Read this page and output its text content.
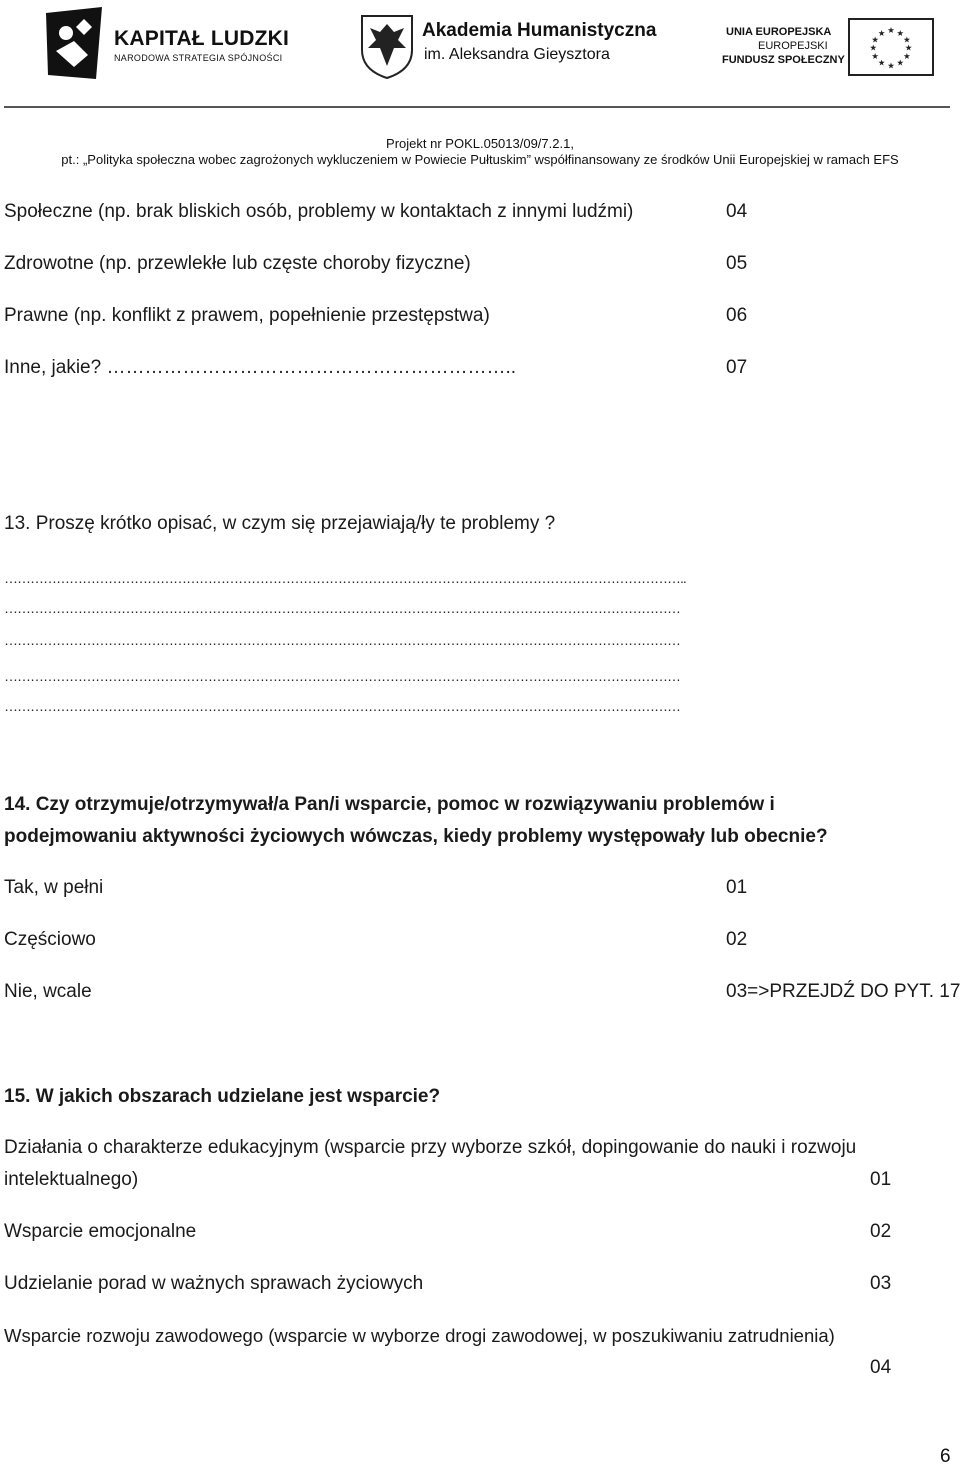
KAPITAŁ LUDZKI
NARODOWA STRATEGIA SPÓJNOŚCI
Akademia Humanistyczna
im. Aleksandra Gieysztora
UNIA EUROPEJSKA
EUROPEJSKI
FUNDUSZ SPOŁECZNY
★ ★
★
★
★
★
★
★
★
★
★
★
Projekt nr POKL.05013/09/7.2.1,
pt.: „Polityka społeczna wobec zagrożonych wykluczeniem w Powiecie Pułtuskim” współfinansowany ze środków Unii Europejskiej w ramach EFS
Społeczne (np. brak bliskich osób, problemy w kontaktach z innymi ludźmi)	04
Zdrowotne (np. przewlekłe lub częste choroby fizyczne)	05
Prawne (np. konflikt z prawem, popełnienie przestępstwa)	06
Inne, jakie? ………………………………………………………..	07
13. Proszę krótko opisać, w czym się przejawiają/ły te problemy ?
…………………………………………………………………………………………………………………………………………..
…………………………………………………………………………………………………………………………………………
…………………………………………………………………………………………………………………………………………
…………………………………………………………………………………………………………………………………………
…………………………………………………………………………………………………………………………………………
14. Czy otrzymuje/otrzymywał/a Pan/i wsparcie, pomoc w rozwiązywaniu problemów i
podejmowaniu aktywności życiowych wówczas, kiedy problemy występowały lub obecnie?
Tak, w pełni	01
Częściowo	02
Nie, wcale	03=>PRZEJDŹ DO PYT. 17
15. W jakich obszarach udzielane jest wsparcie?
Działania o charakterze edukacyjnym (wsparcie przy wyborze szkół, dopingowanie do nauki i rozwoju
intelektualnego)	01
Wsparcie emocjonalne	02
Udzielanie porad w ważnych sprawach życiowych	03
Wsparcie rozwoju zawodowego (wsparcie w wyborze drogi zawodowej, w poszukiwaniu zatrudnienia)
04
6
